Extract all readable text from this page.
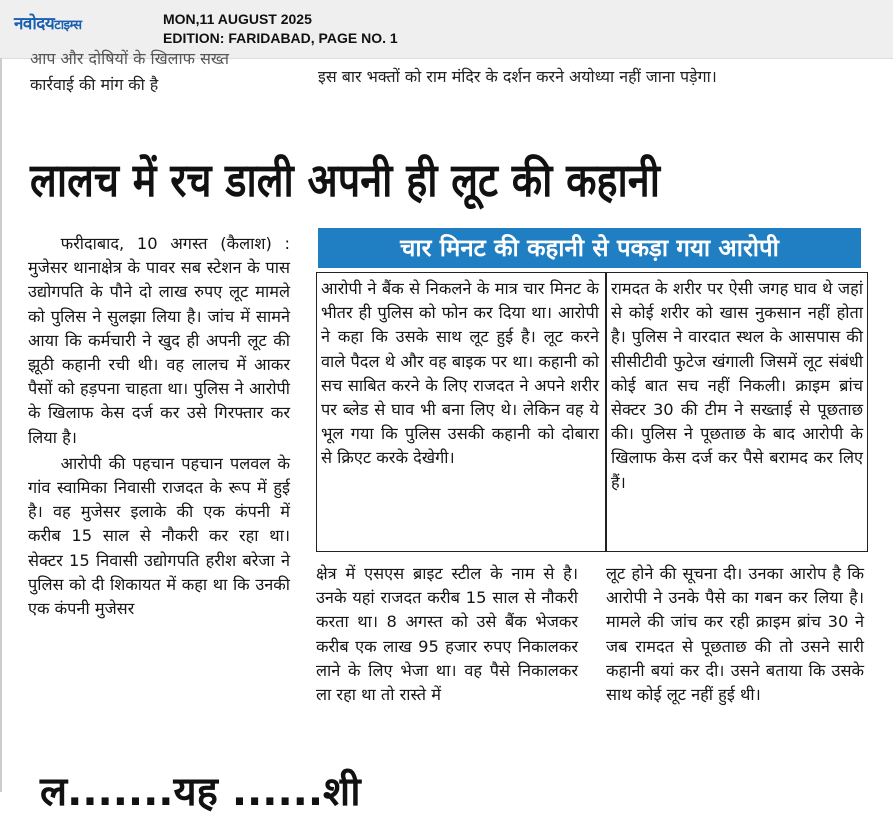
नवोदयटाइम्स	MON,11 AUGUST 2025
EDITION: FARIDABAD, PAGE NO. 1
आप और दोषियों के खिलाफ सख्त
कार्रवाई की मांग की है	इस बार भक्तों को राम मंदिर के दर्शन करने अयोध्या नहीं जाना पड़ेगा।
लालच में रच डाली अपनी ही लूट की कहानी

फरीदाबाद, 10 अगस्त (कैलाश) : मुजेसर थानाक्षेत्र के पावर सब स्टेशन के पास उद्योगपति के पौने दो लाख रुपए लूट मामले को पुलिस ने सुलझा लिया है। जांच में सामने आया कि कर्मचारी ने खुद ही अपनी लूट की झूठी कहानी रची थी। वह लालच में आकर पैसों को हड़पना चाहता था। पुलिस ने आरोपी के खिलाफ केस दर्ज कर उसे गिरफ्तार कर लिया है।

आरोपी की पहचान पहचान पलवल के गांव स्वामिका निवासी राजदत के रूप में हुई है। वह मुजेसर इलाके की एक कंपनी में करीब 15 साल से नौकरी कर रहा था। सेक्टर 15 निवासी उद्योगपति हरीश बरेजा ने पुलिस को दी शिकायत में कहा था कि उनकी एक कंपनी मुजेसर

चार मिनट की कहानी से पकड़ा गया आरोपी
आरोपी ने बैंक से निकलने के मात्र चार मिनट के भीतर ही पुलिस को फोन कर दिया था। आरोपी ने कहा कि उसके साथ लूट हुई है। लूट करने वाले पैदल थे और वह बाइक पर था। कहानी को सच साबित करने के लिए राजदत ने अपने शरीर पर ब्लेड से घाव भी बना लिए थे। लेकिन वह ये भूल गया कि पुलिस उसकी कहानी को दोबारा से क्रिएट करके देखेगी।
रामदत के शरीर पर ऐसी जगह घाव थे जहां से कोई शरीर को खास नुकसान नहीं होता है। पुलिस ने वारदात स्थल के आसपास की सीसीटीवी फुटेज खंगाली जिसमें लूट संबंधी कोई बात सच नहीं निकली। क्राइम ब्रांच सेक्टर 30 की टीम ने सख्ताई से पूछताछ की। पुलिस ने पूछताछ के बाद आरोपी के खिलाफ केस दर्ज कर पैसे बरामद कर लिए हैं।
क्षेत्र में एसएस ब्राइट स्टील के नाम से है। उनके यहां राजदत करीब 15 साल से नौकरी करता था। 8 अगस्त को उसे बैंक भेजकर करीब एक लाख 95 हजार रुपए निकालकर लाने के लिए भेजा था। वह पैसे निकालकर ला रहा था तो रास्ते में
लूट होने की सूचना दी। उनका आरोप है कि आरोपी ने उनके पैसे का गबन कर लिया है। मामले की जांच कर रही क्राइम ब्रांच 30 ने जब रामदत से पूछताछ की तो उसने सारी कहानी बयां कर दी। उसने बताया कि उसके साथ कोई लूट नहीं हुई थी।
ल.......यह ......शी
